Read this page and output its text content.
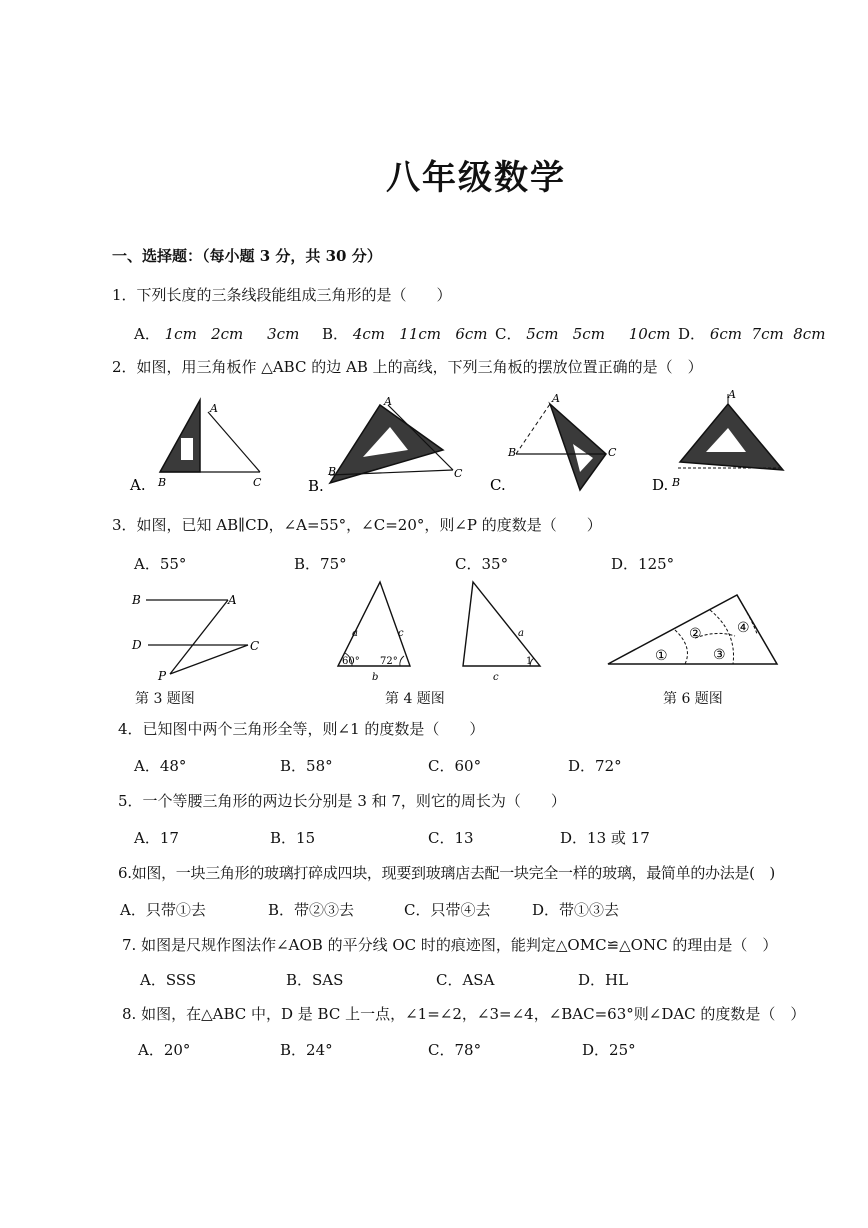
八年级数学
一、选择题：（每小题 3 分，共 30 分）
1．下列长度的三条线段能组成三角形的是（　　）
A． 1cm 2cm 3cm B． 4cm 11cm 6cm C． 5cm 5cm 10cm D． 6cm 7cm 8cm
2．如图，用三角板作 △ABC 的边 AB 上的高线，下列三角板的摆放位置正确的是（　）
A. B
A
C	B.
B
A
C
C.
B
A
C
D. B
A
3．如图，已知 AB∥CD，∠A=55°，∠C=20°，则∠P 的度数是（　　）
A．55°	B．75°	C．35°	D．125°
B	A
D	C
P
第 3 题图
a	c
60° 72°
b
a
1
c
第 4 题图
①
②
③
④
第 6 题图
4．已知图中两个三角形全等，则∠1 的度数是（　　）
A．48°	B．58°	C．60°	D．72°
5．一个等腰三角形的两边长分别是 3 和 7，则它的周长为（　　）
A．17	B．15	C．13	D．13 或 17
6.如图，一块三角形的玻璃打碎成四块，现要到玻璃店去配一块完全一样的玻璃，最简单的办法是(　)
A．只带①去	B．带②③去	C．只带④去	D．带①③去
7. 如图是尺规作图法作∠AOB 的平分线 OC 时的痕迹图，能判定△OMC≌△ONC 的理由是（　）
A．SSS	B．SAS	C．ASA	D．HL
8. 如图，在△ABC 中，D 是 BC 上一点，∠1=∠2，∠3=∠4，∠BAC=63°则∠DAC 的度数是（　）
A．20°	B．24°	C．78°	D．25°
